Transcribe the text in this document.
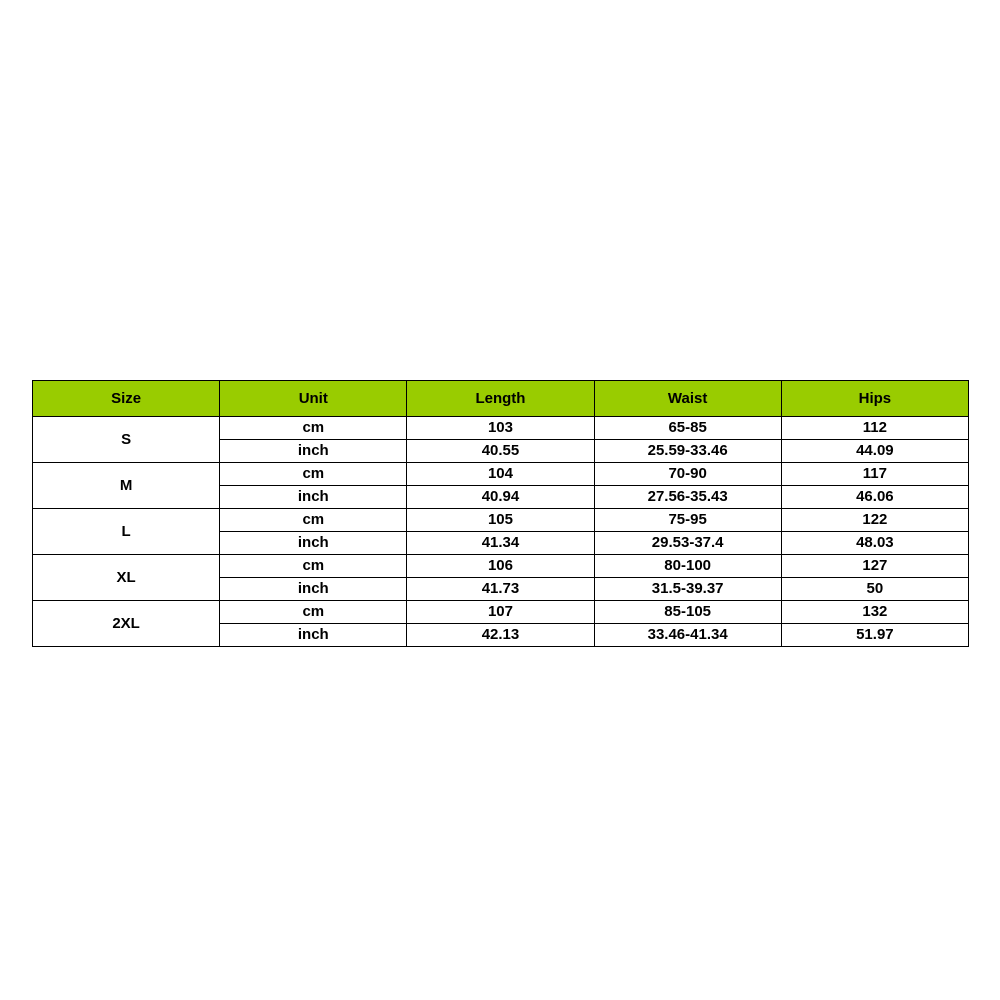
Size	Unit	Length	Waist	Hips
S	cm	103	65-85	112
	inch	40.55	25.59-33.46	44.09
M	cm	104	70-90	117
	inch	40.94	27.56-35.43	46.06
L	cm	105	75-95	122
	inch	41.34	29.53-37.4	48.03
XL	cm	106	80-100	127
	inch	41.73	31.5-39.37	50
2XL	cm	107	85-105	132
	inch	42.13	33.46-41.34	51.97
